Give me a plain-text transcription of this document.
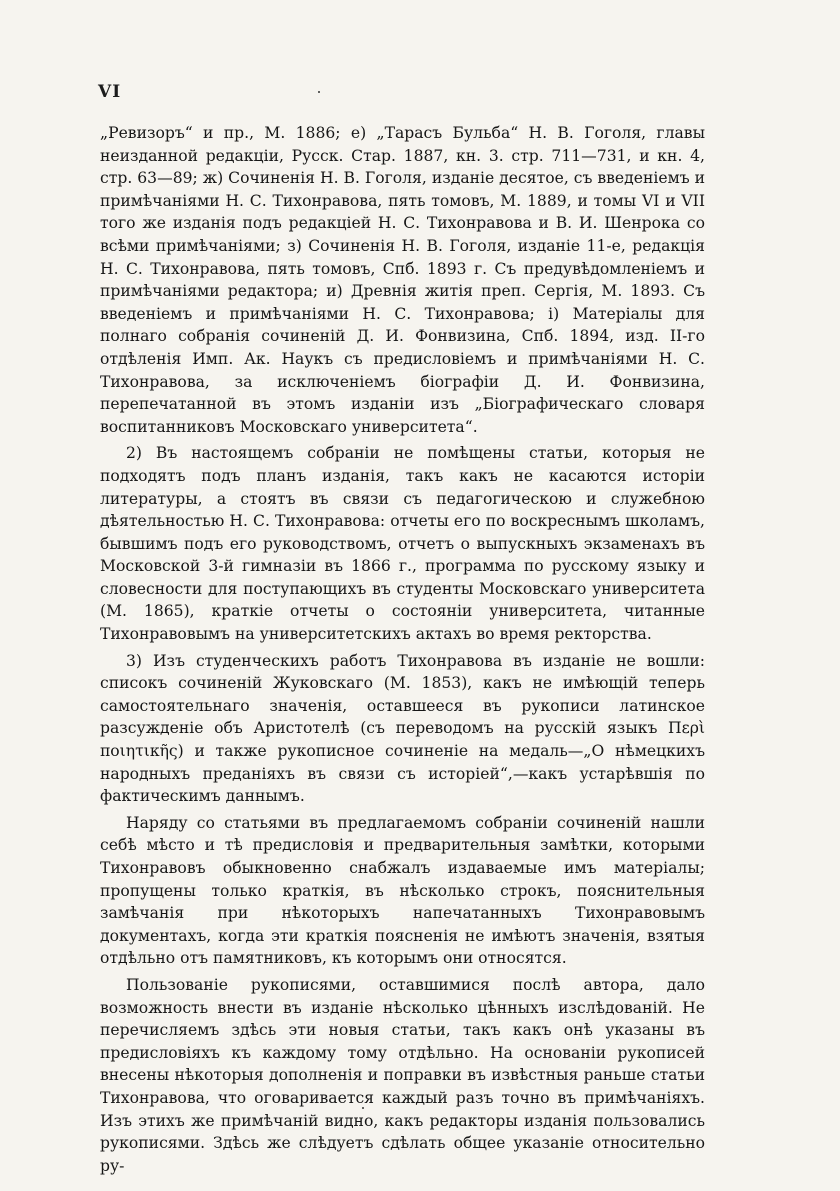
VI

„Ревизоръ“ и пр., М. 1886; е) „Тарасъ Бульба“ Н. В. Гоголя, главы неизданной редакціи, Русск. Стар. 1887, кн. 3. стр. 711—731, и кн. 4, стр. 63—89; ж) Сочиненія Н. В. Гоголя, изданіе десятое, съ введеніемъ и примѣчаніями Н. С. Тихонравова, пять томовъ, М. 1889, и томы VI и VII того же изданія подъ редакціей Н. С. Тихонравова и В. И. Шенрока со всѣми примѣчаніями; з) Сочиненія Н. В. Гоголя, изданіе 11-е, редакція Н. С. Тихонравова, пять томовъ, Спб. 1893 г. Съ предувѣдомленіемъ и примѣчаніями редактора; и) Древнія житія преп. Сергія, М. 1893. Съ введеніемъ и примѣчаніями Н. С. Тихонравова; і) Матеріалы для полнаго собранія сочиненій Д. И. Фонвизина, Спб. 1894, изд. II-го отдѣленія Имп. Ак. Наукъ съ предисловіемъ и примѣчаніями Н. С. Тихонравова, за исключеніемъ біографіи Д. И. Фонвизина, перепечатанной въ этомъ изданіи изъ „Біографическаго словаря воспитанниковъ Московскаго университета“.

2) Въ настоящемъ собраніи не помѣщены статьи, которыя не подходятъ подъ планъ изданія, такъ какъ не касаются исторіи литературы, а стоятъ въ связи съ педагогическою и служебною дѣятельностью Н. С. Тихонравова: отчеты его по воскреснымъ школамъ, бывшимъ подъ его руководствомъ, отчетъ о выпускныхъ экзаменахъ въ Московской 3-й гимназіи въ 1866 г., программа по русскому языку и словесности для поступающихъ въ студенты Московскаго университета (М. 1865), краткіе отчеты о состояніи университета, читанные Тихонравовымъ на университетскихъ актахъ во время ректорства.

3) Изъ студенческихъ работъ Тихонравова въ изданіе не вошли: списокъ сочиненій Жуковскаго (М. 1853), какъ не имѣющій теперь самостоятельнаго значенія, оставшееся въ рукописи латинское разсужденіе объ Аристотелѣ (съ переводомъ на русскій языкъ Περὶ ποιητικῆς) и также рукописное сочиненіе на медаль—„О нѣмецкихъ народныхъ преданіяхъ въ связи съ исторіей“,—какъ устарѣвшія по фактическимъ даннымъ.

Наряду со статьями въ предлагаемомъ собраніи сочиненій нашли себѣ мѣсто и тѣ предисловія и предварительныя замѣтки, которыми Тихонравовъ обыкновенно снабжалъ издаваемые имъ матеріалы; пропущены только краткія, въ нѣсколько строкъ, пояснительныя замѣчанія при нѣкоторыхъ напечатанныхъ Тихонравовымъ документахъ, когда эти краткія поясненія не имѣютъ значенія, взятыя отдѣльно отъ памятниковъ, къ которымъ они относятся.

Пользованіе рукописями, оставшимися послѣ автора, дало возможность внести въ изданіе нѣсколько цѣнныхъ изслѣдованій. Не перечисляемъ здѣсь эти новыя статьи, такъ какъ онѣ указаны въ предисловіяхъ къ каждому тому отдѣльно. На основаніи рукописей внесены нѣкоторыя дополненія и поправки въ извѣстныя раньше статьи Тихонравова, что оговаривается каждый разъ точно въ примѣчаніяхъ. Изъ этихъ же примѣчаній видно, какъ редакторы изданія пользовались рукописями. Здѣсь же слѣдуетъ сдѣлать общее указаніе относительно ру-
